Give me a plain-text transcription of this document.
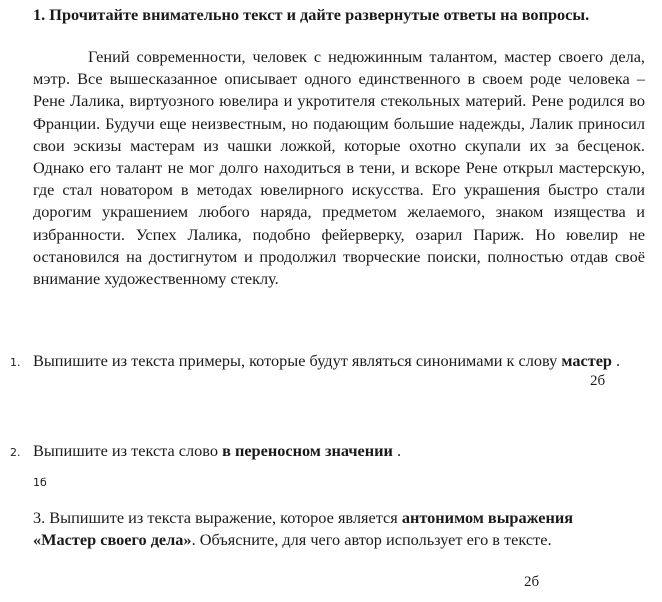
1. Прочитайте внимательно текст и дайте развернутые ответы на вопросы.

Гений современности, человек с недюжинным талантом, мастер своего дела, мэтр. Все вышесказанное описывает одного единственного в своем роде человека – Рене Лалика, виртуозного ювелира и укротителя стекольных материй. Рене родился во Франции. Будучи еще неизвестным, но подающим большие надежды, Лалик приносил свои эскизы мастерам из чашки ложкой, которые охотно скупали их за бесценок. Однако его талант не мог долго находиться в тени, и вскоре Рене открыл мастерскую, где стал новатором в методах ювелирного искусства. Его украшения быстро стали дорогим украшением любого наряда, предметом желаемого, знаком изящества и избранности. Успех Лалика, подобно фейерверку, озарил Париж. Но ювелир не остановился на достигнутом и продолжил творческие поиски, полностью отдав своё внимание художественному стеклу.

1. Выпишите из текста примеры, которые будут являться синонимами к слову мастер .

2б
2. Выпишите из текста слово в переносном значении .

1б

3. Выпишите из текста выражение, которое является антонимом выражения «Мастер своего дела». Объясните, для чего автор использует его в тексте.

2б
